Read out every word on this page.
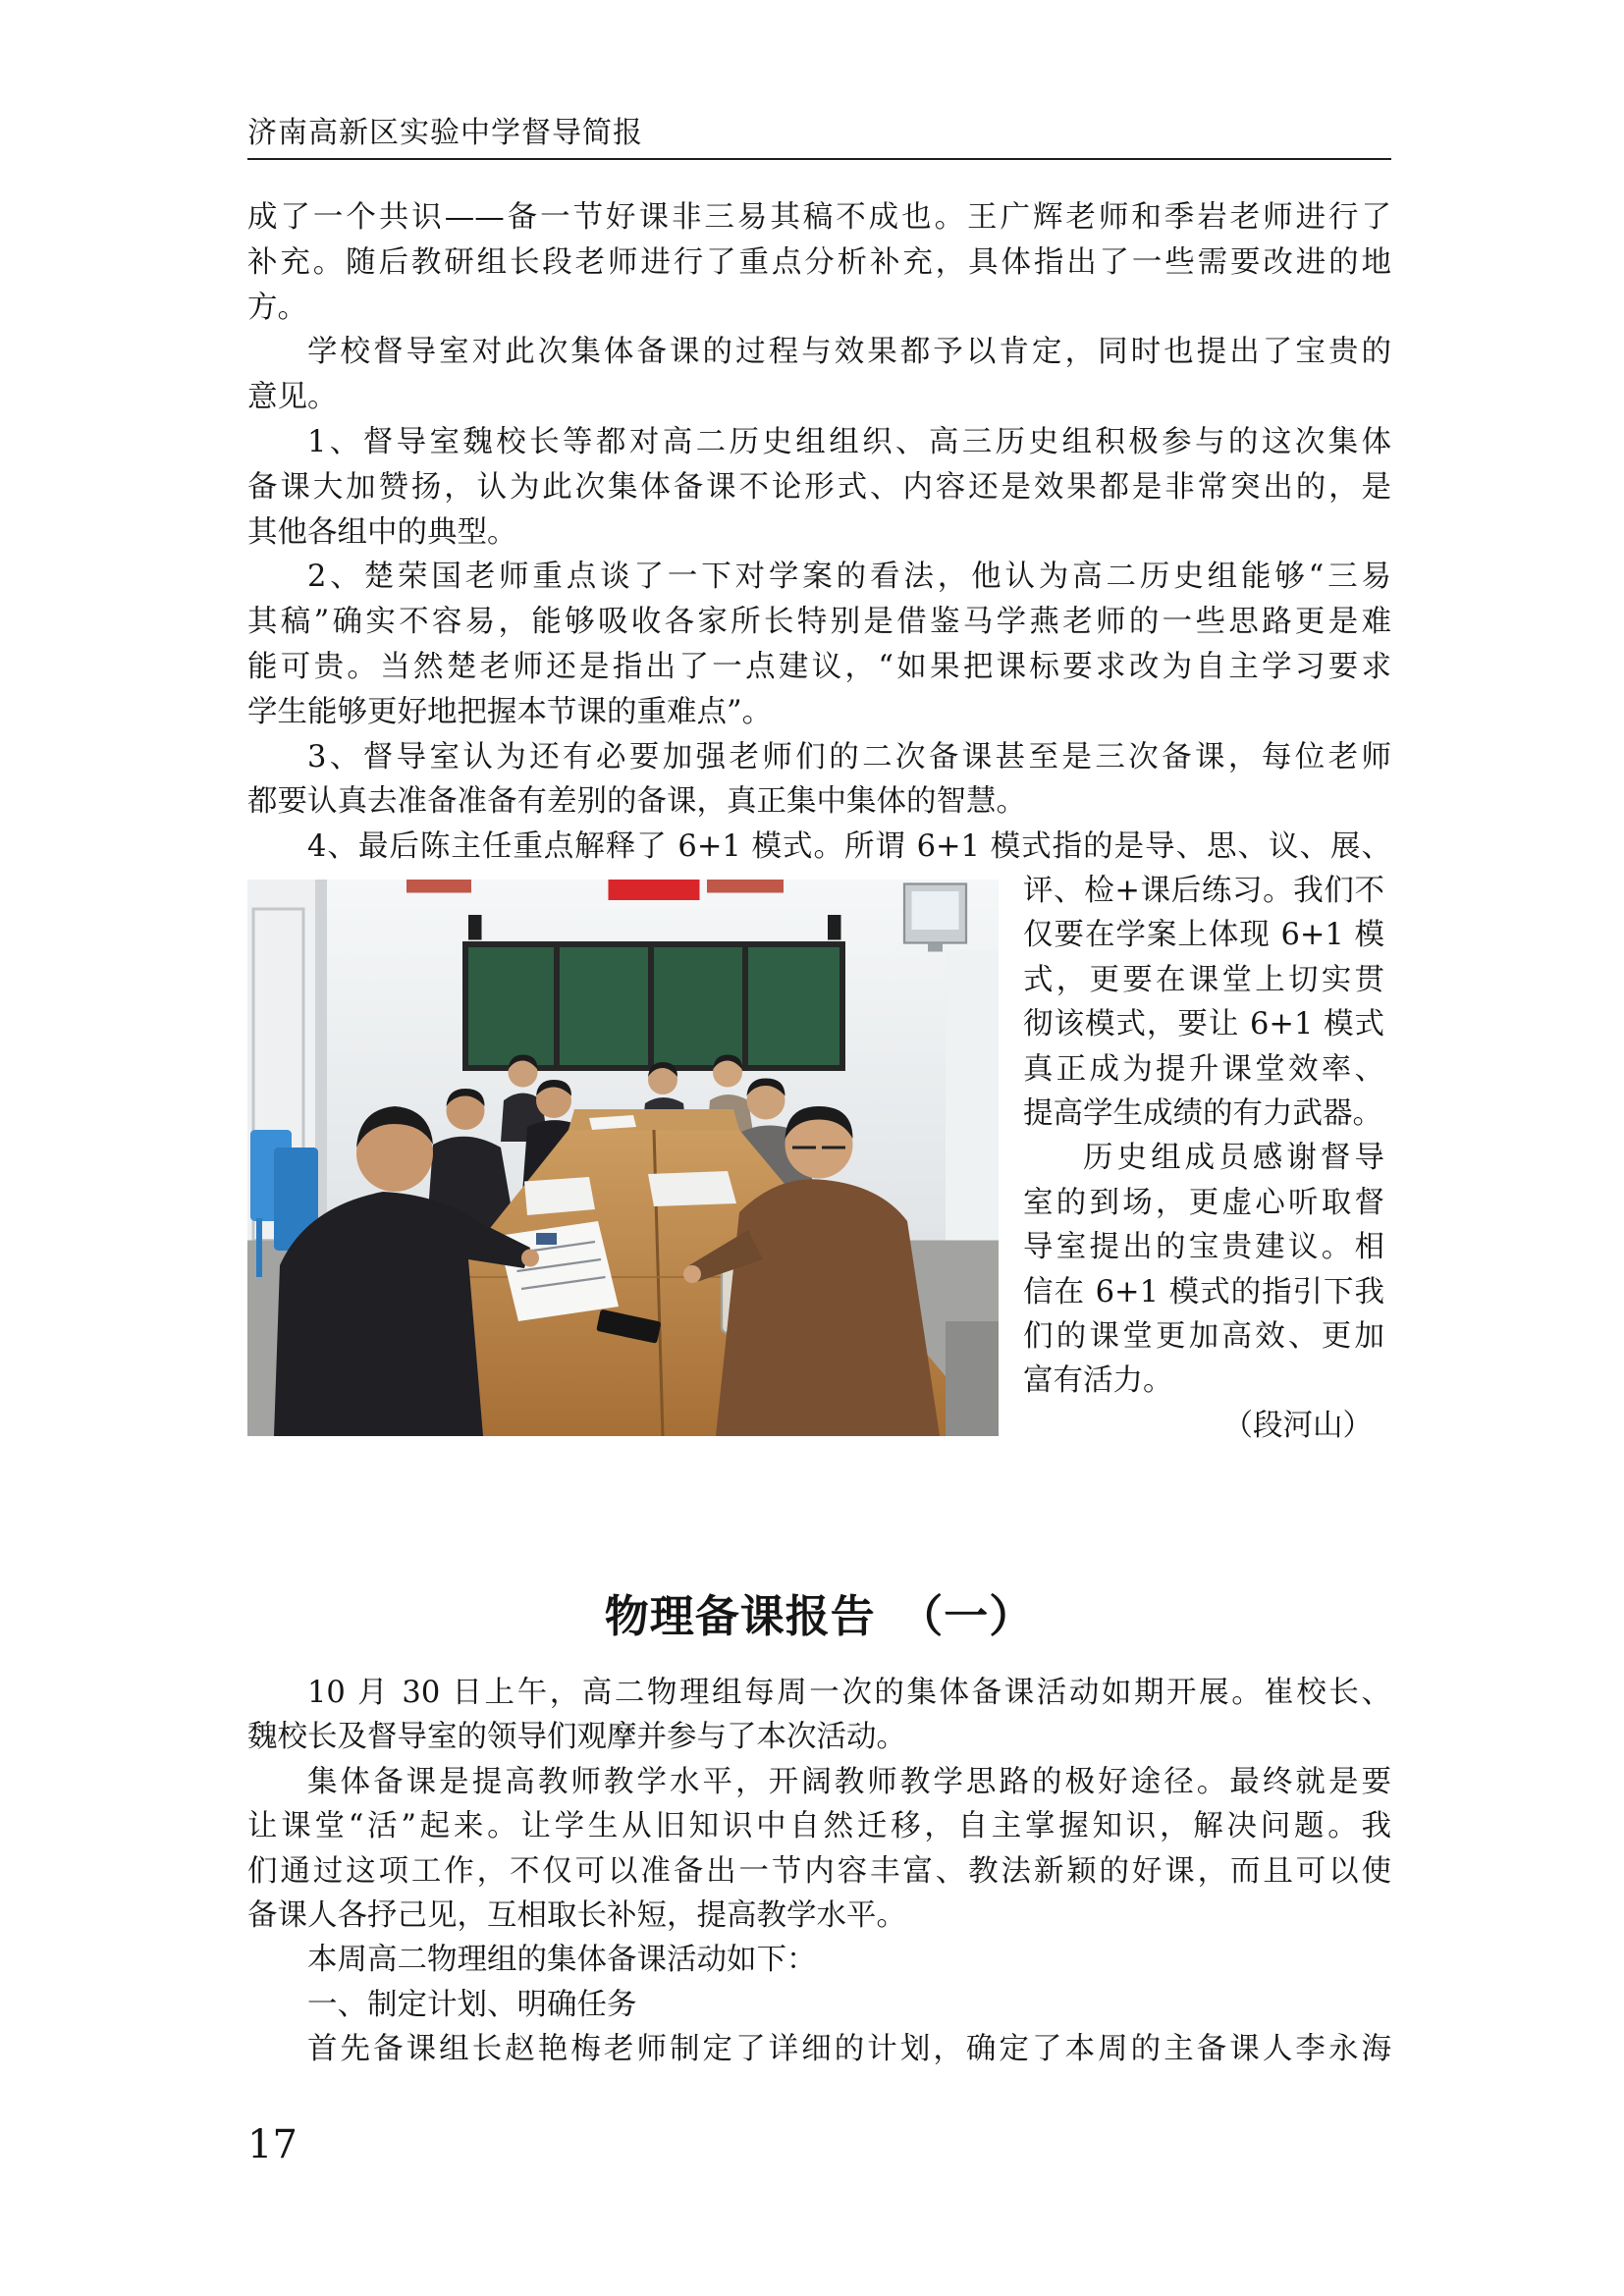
济南高新区实验中学督导简报
成了一个共识——备一节好课非三易其稿不成也。王广辉老师和季岩老师进行了
补充。随后教研组长段老师进行了重点分析补充，具体指出了一些需要改进的地
方。
学校督导室对此次集体备课的过程与效果都予以肯定，同时也提出了宝贵的
意见。
1、督导室魏校长等都对高二历史组组织、高三历史组积极参与的这次集体
备课大加赞扬，认为此次集体备课不论形式、内容还是效果都是非常突出的，是
其他各组中的典型。
2、楚荣国老师重点谈了一下对学案的看法，他认为高二历史组能够“三易
其稿”确实不容易，能够吸收各家所长特别是借鉴马学燕老师的一些思路更是难
能可贵。当然楚老师还是指出了一点建议，“如果把课标要求改为自主学习要求
学生能够更好地把握本节课的重难点”。
3、督导室认为还有必要加强老师们的二次备课甚至是三次备课，每位老师
都要认真去准备准备有差别的备课，真正集中集体的智慧。
4、最后陈主任重点解释了 6+1 模式。所谓 6+1 模式指的是导、思、议、展、
评、检+课后练习。我们不
仅要在学案上体现 6+1 模
式，更要在课堂上切实贯
彻该模式，要让 6+1 模式
真正成为提升课堂效率、
提高学生成绩的有力武器。
历史组成员感谢督导
室的到场，更虚心听取督
导室提出的宝贵建议。相
信在 6+1 模式的指引下我
们的课堂更加高效、更加
富有活力。
（段河山）
物理备课报告　（一）
10 月 30 日上午，高二物理组每周一次的集体备课活动如期开展。崔校长、
魏校长及督导室的领导们观摩并参与了本次活动。
集体备课是提高教师教学水平，开阔教师教学思路的极好途径。最终就是要
让课堂“活”起来。让学生从旧知识中自然迁移，自主掌握知识，解决问题。我
们通过这项工作，不仅可以准备出一节内容丰富、教法新颖的好课，而且可以使
备课人各抒己见，互相取长补短，提高教学水平。
本周高二物理组的集体备课活动如下：
一、制定计划、明确任务
首先备课组长赵艳梅老师制定了详细的计划，确定了本周的主备课人李永海
17
